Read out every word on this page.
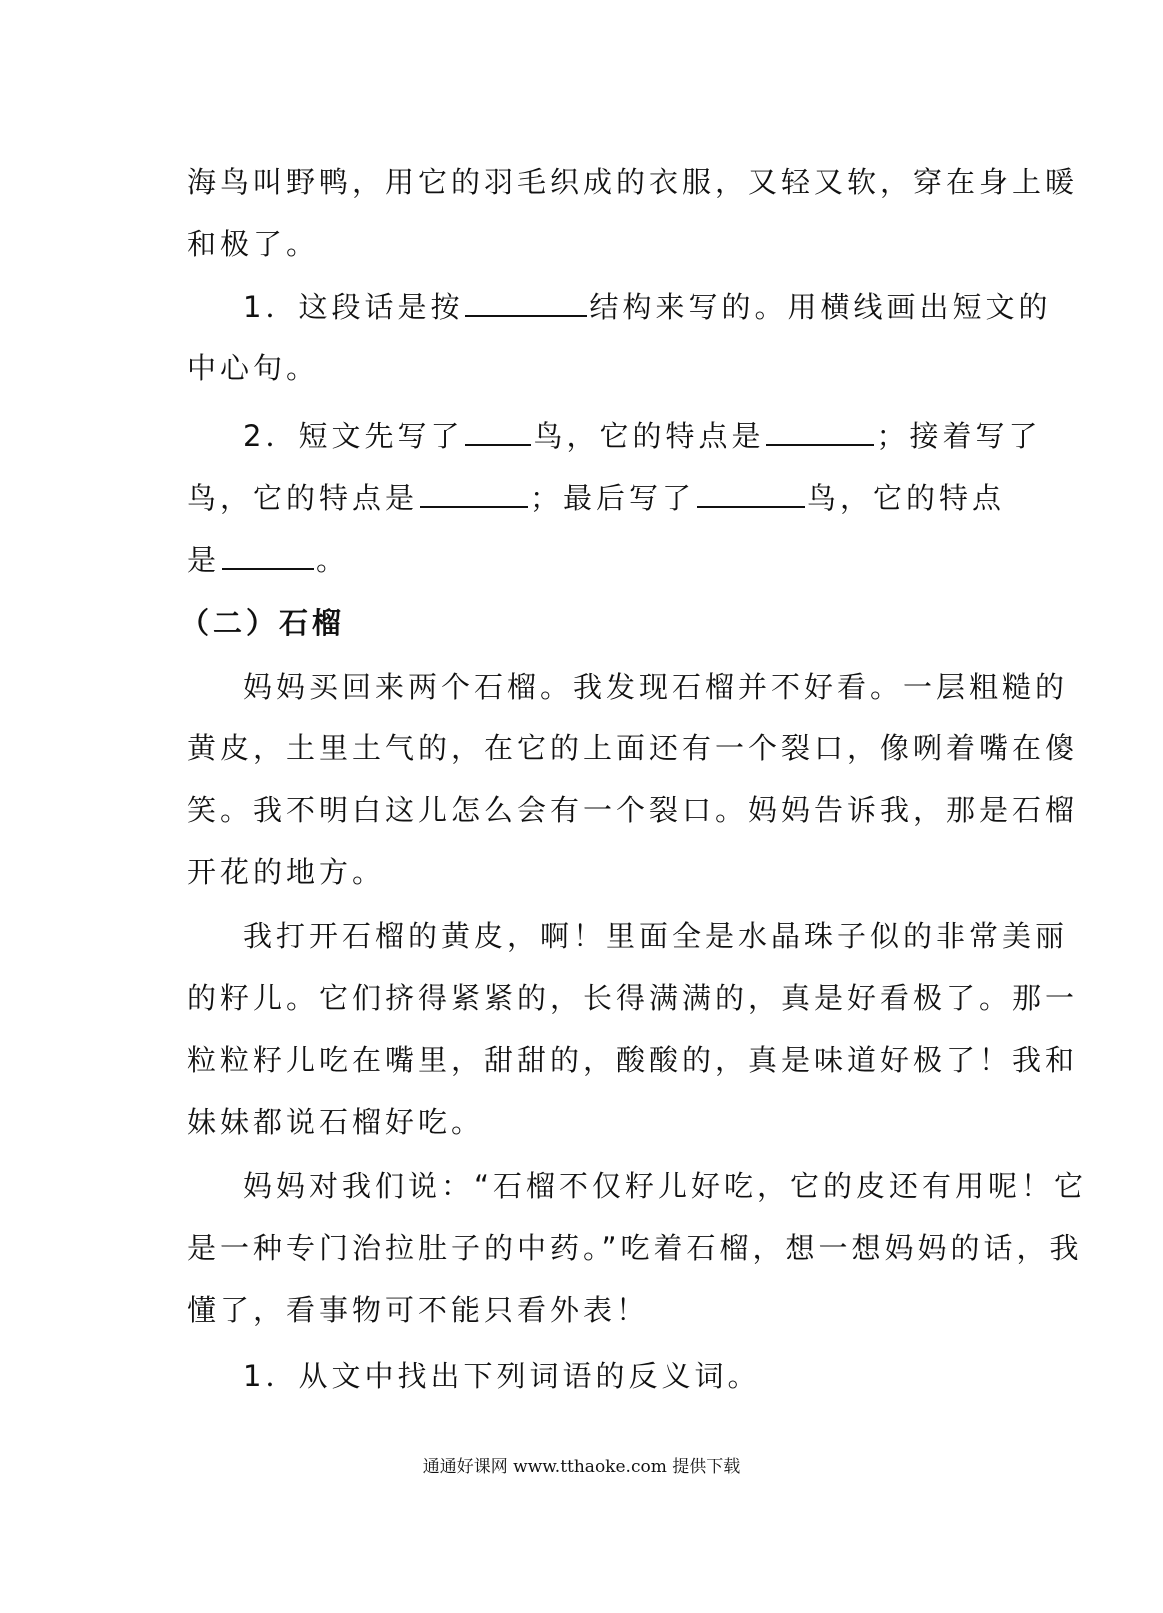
海鸟叫野鸭，用它的羽毛织成的衣服，又轻又软，穿在身上暖
和极了。
1．这段话是按	结构来写的。用横线画出短文的
中心句。
2．短文先写了 鸟，它的特点是	；接着写了
鸟，它的特点是	；最后写了	鸟，它的特点
是	。
（二）石榴
妈妈买回来两个石榴。我发现石榴并不好看。一层粗糙的
黄皮，土里土气的，在它的上面还有一个裂口，像咧着嘴在傻
笑。我不明白这儿怎么会有一个裂口。妈妈告诉我，那是石榴
开花的地方。
我打开石榴的黄皮，啊！里面全是水晶珠子似的非常美丽
的籽儿。它们挤得紧紧的，长得满满的，真是好看极了。那一
粒粒籽儿吃在嘴里，甜甜的，酸酸的，真是味道好极了！我和
妹妹都说石榴好吃。
妈妈对我们说：“石榴不仅籽儿好吃，它的皮还有用呢！它
是一种专门治拉肚子的中药。”吃着石榴，想一想妈妈的话，我
懂了，看事物可不能只看外表！
1．从文中找出下列词语的反义词。
通通好课网 www.tthaoke.com 提供下载
